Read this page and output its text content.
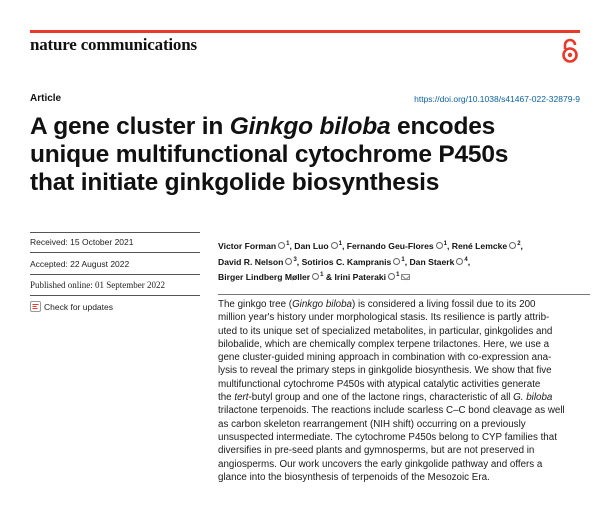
nature communications
Article	https://doi.org/10.1038/s41467-022-32879-9
A gene cluster in Ginkgo biloba encodes
unique multifunctional cytochrome P450s
that initiate ginkgolide biosynthesis
Received: 15 October 2021
Accepted: 22 August 2022
Published online: 01 September 2022
Check for updates
Victor Forman $^1$, Dan Luo $^1$, Fernando Geu-Flores $^1$, René Lemcke $^2$,
David R. Nelson $^3$, Sotirios C. Kampranis $^1$, Dan Staerk $^4$,
Birger Lindberg Møller $^1$ & Irini Pateraki $^1$
The ginkgo tree (Ginkgo biloba) is considered a living fossil due to its 200
million year's history under morphological stasis. Its resilience is partly attrib-
uted to its unique set of specialized metabolites, in particular, ginkgolides and
bilobalide, which are chemically complex terpene trilactones. Here, we use a
gene cluster-guided mining approach in combination with co-expression ana-
lysis to reveal the primary steps in ginkgolide biosynthesis. We show that five
multifunctional cytochrome P450s with atypical catalytic activities generate
the tert-butyl group and one of the lactone rings, characteristic of all G. biloba
trilactone terpenoids. The reactions include scarless C–C bond cleavage as well
as carbon skeleton rearrangement (NIH shift) occurring on a previously
unsuspected intermediate. The cytochrome P450s belong to CYP families that
diversifies in pre-seed plants and gymnosperms, but are not preserved in
angiosperms. Our work uncovers the early ginkgolide pathway and offers a
glance into the biosynthesis of terpenoids of the Mesozoic Era.
